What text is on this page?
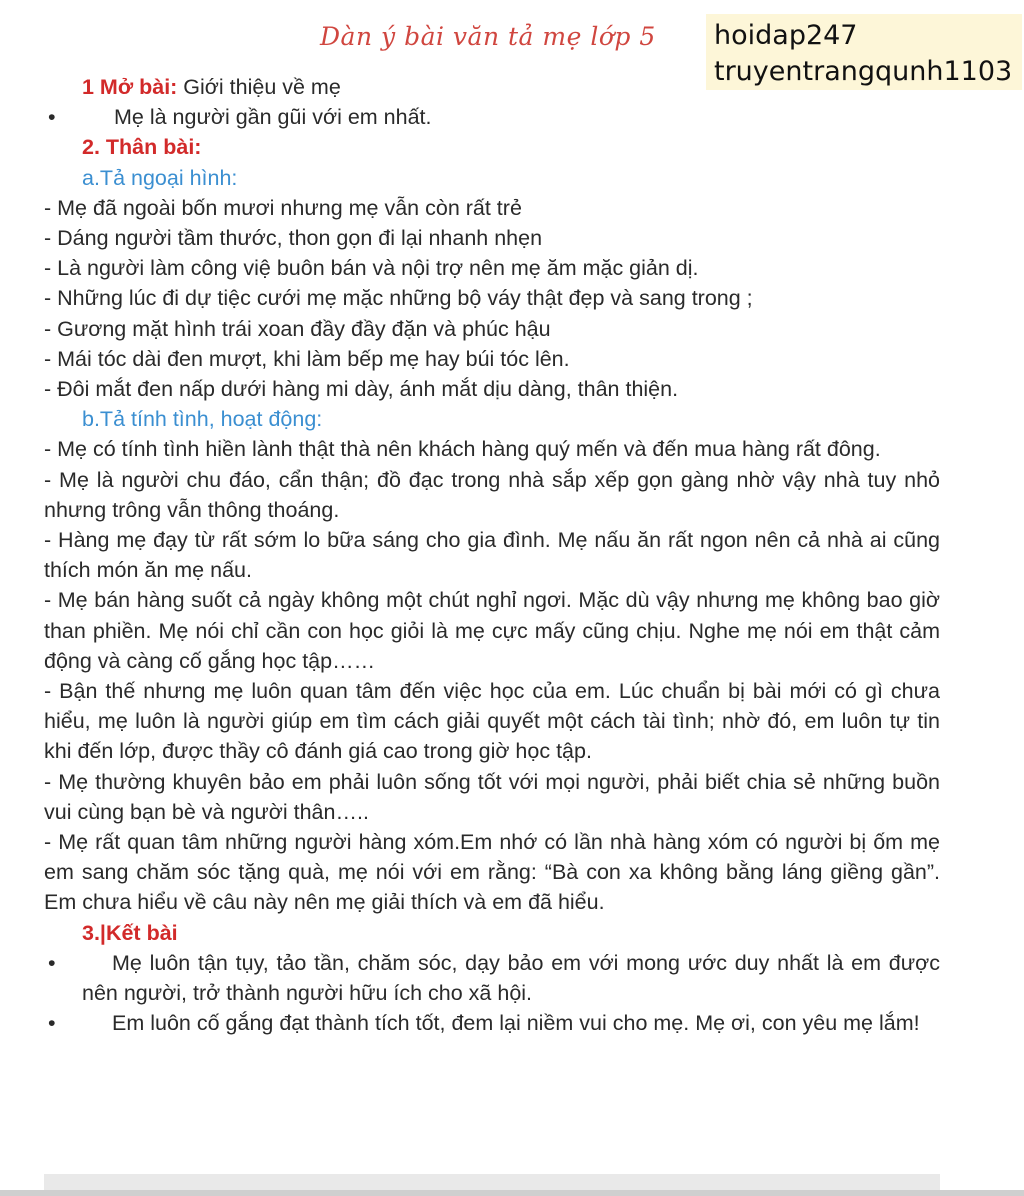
Dàn ý bài văn tả mẹ lớp 5 hoidap247
truyentrangqunh1103
1 Mở bài: Giới thiệu về mẹ
•	Mẹ là người gần gũi với em nhất.
2. Thân bài:
a.Tả ngoại hình:
- Mẹ đã ngoài bốn mươi nhưng mẹ vẫn còn rất trẻ
- Dáng người tầm thước, thon gọn đi lại nhanh nhẹn
- Là người làm công việ buôn bán và nội trợ nên mẹ ăm mặc giản dị.
- Những lúc đi dự tiệc cưới mẹ mặc những bộ váy thật đẹp và sang trong ;
- Gương mặt hình trái xoan đầy đầy đặn và phúc hậu
- Mái tóc dài đen mượt, khi làm bếp mẹ hay búi tóc lên.
- Đôi mắt đen nấp dưới hàng mi dày, ánh mắt dịu dàng, thân thiện.
b.Tả tính tình, hoạt động:
- Mẹ có tính tình hiền lành thật thà nên khách hàng quý mến và đến mua hàng rất đông.
- Mẹ là người chu đáo, cẩn thận; đồ đạc trong nhà sắp xếp gọn gàng nhờ vậy nhà tuy nhỏ nhưng trông vẫn thông thoáng.
- Hàng mẹ đạy từ rất sớm lo bữa sáng cho gia đình. Mẹ nấu ăn rất ngon nên cả nhà ai cũng thích món ăn mẹ nấu.
- Mẹ bán hàng suốt cả ngày không một chút nghỉ ngơi. Mặc dù vậy nhưng mẹ không bao giờ than phiền. Mẹ nói chỉ cần con học giỏi là mẹ cực mấy cũng chịu. Nghe mẹ nói em thật cảm động và càng cố gắng học tập……
- Bận thế nhưng mẹ luôn quan tâm đến việc học của em. Lúc chuẩn bị bài mới có gì chưa hiểu, mẹ luôn là người giúp em tìm cách giải quyết một cách tài tình; nhờ đó, em luôn tự tin khi đến lớp, được thầy cô đánh giá cao trong giờ học tập.
- Mẹ thường khuyên bảo em phải luôn sống tốt với mọi người, phải biết chia sẻ những buồn vui cùng bạn bè và người thân…..
- Mẹ rất quan tâm những người hàng xóm.Em nhớ có lần nhà hàng xóm có người bị ốm mẹ em sang chăm sóc tặng quà, mẹ nói với em rằng: “Bà con xa không bằng láng giềng gần”. Em chưa hiểu về câu này nên mẹ giải thích và em đã hiểu.
3.|Kết bài
•	Mẹ luôn tận tụy, tảo tần, chăm sóc, dạy bảo em với mong ước duy nhất là em được nên người, trở thành người hữu ích cho xã hội.
•	Em luôn cố gắng đạt thành tích tốt, đem lại niềm vui cho mẹ. Mẹ ơi, con yêu mẹ lắm!
